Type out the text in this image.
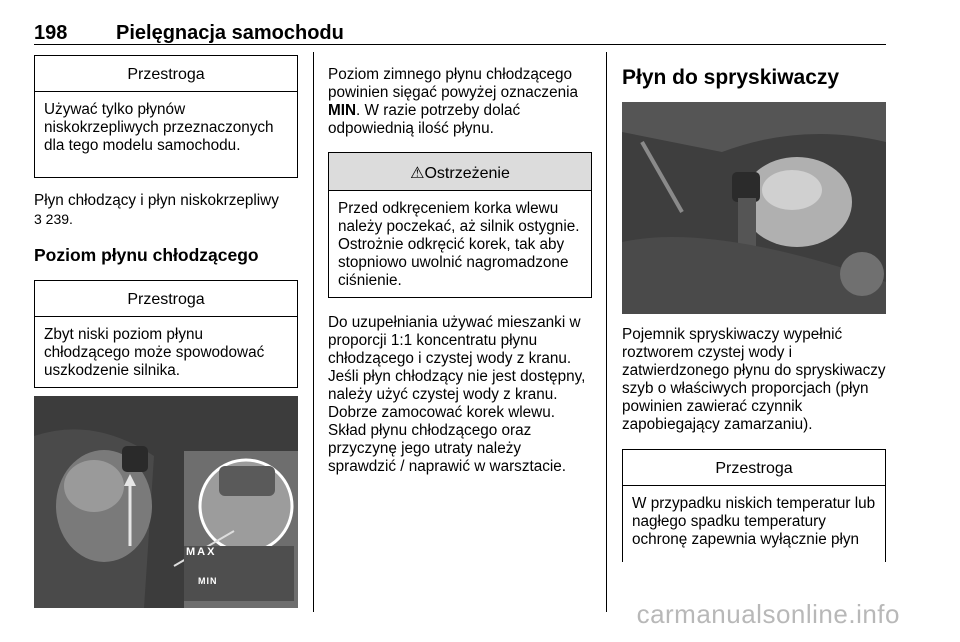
198 Pielęgnacja samochodu
Przestroga
Używać tylko płynów niskokrzepliwych przeznaczonych dla tego modelu samochodu.

Płyn chłodzący i płyn niskokrzepliwy
3 239.

Poziom płynu chłodzącego
Przestroga
Zbyt niski poziom płynu chłodzącego może spowodować uszkodzenie silnika.
MAX
MIN

Poziom zimnego płynu chłodzącego powinien sięgać powyżej oznaczenia MIN. W razie potrzeby dolać odpowiednią ilość płynu.

⚠Ostrzeżenie
Przed odkręceniem korka wlewu należy poczekać, aż silnik ostygnie. Ostrożnie odkręcić korek, tak aby stopniowo uwolnić nagromadzone ciśnienie.

Do uzupełniania używać mieszanki w proporcji 1:1 koncentratu płynu chłodzącego i czystej wody z kranu. Jeśli płyn chłodzący nie jest dostępny, należy użyć czystej wody z kranu. Dobrze zamocować korek wlewu. Skład płynu chłodzącego oraz przyczynę jego utraty należy sprawdzić / naprawić w warsztacie.

Płyn do spryskiwaczy

Pojemnik spryskiwaczy wypełnić roztworem czystej wody i zatwierdzonego płynu do spryskiwaczy szyb o właściwych proporcjach (płyn powinien zawierać czynnik zapobiegający zamarzaniu).

Przestroga
W przypadku niskich temperatur lub nagłego spadku temperatury ochronę zapewnia wyłącznie płyn
carmanualsonline.info
